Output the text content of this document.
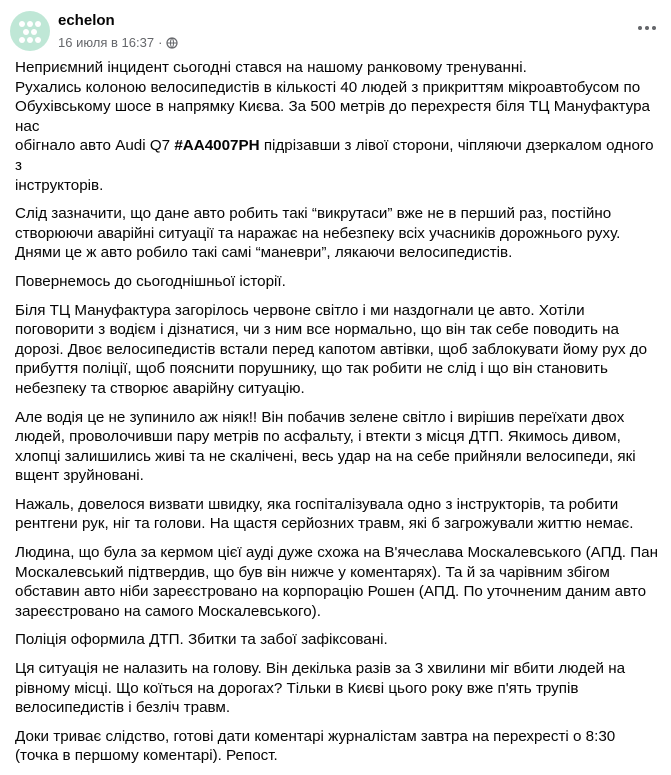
echelon
16 июля в 16:37 ·

Неприємний інцидент сьогодні стався на нашому ранковому тренуванні.
Рухались колоною велосипедистів в кількості 40 людей з прикриттям мікроавтобусом по
Обухівському шосе в напрямку Києва. За 500 метрів до перехрестя біля ТЦ Мануфактура нас
обігнало авто Audi Q7 #AA4007PH підрізавши з лівої сторони, чіпляючи дзеркалом одного з
інструкторів.

Слід зазначити, що дане авто робить такі “викрутаси” вже не в перший раз, постійно створюючи аварійні ситуації та наражає на небезпеку всіх учасників дорожнього руху. Днями це ж авто робило такі самі “маневри”, лякаючи велосипедистів.

Повернемось до сьогоднішньої історії.

Біля ТЦ Мануфактура загорілось червоне світло і ми наздогнали це авто. Хотіли поговорити з водієм і дізнатися, чи з ним все нормально, що він так себе поводить на дорозі. Двоє велосипедистів встали перед капотом автівки, щоб заблокувати йому рух до прибуття поліції, щоб пояснити порушнику, що так робити не слід і що він становить небезпеку та створює аварійну ситуацію.

Але водія це не зупинило аж ніяк!! Він побачив зелене світло і вирішив переїхати двох людей, проволочивши пару метрів по асфальту, і втекти з місця ДТП. Якимось дивом, хлопці залишились живі та не скалічені, весь удар на на себе прийняли велосипеди, які вщент зруйновані.

Нажаль, довелося визвати швидку, яка госпіталізувала одно з інструкторів, та робити рентгени рук, ніг та голови. На щастя серйозних травм, які б загрожували життю немає.

Людина, що була за кермом цієї ауді дуже схожа на В'ячеслава Москалевського (АПД. Пан Москалевський підтвердив, що був він нижче у коментарях). Та й за чарівним збігом обставин авто ніби зареєстровано на корпорацію Рошен (АПД. По уточненим даним авто зареєстровано на самого Москалевського).

Поліція оформила ДТП. Збитки та забої зафіксовані.

Ця ситуація не налазить на голову. Він декілька разів за 3 хвилини міг вбити людей на рівному місці. Що коїться на дорогах? Тільки в Києві цього року вже п'ять трупів велосипедистів і безліч травм.

Доки триває слідство, готові дати коментарі журналістам завтра на перехресті о 8:30 (точка в першому коментарі). Репост.
